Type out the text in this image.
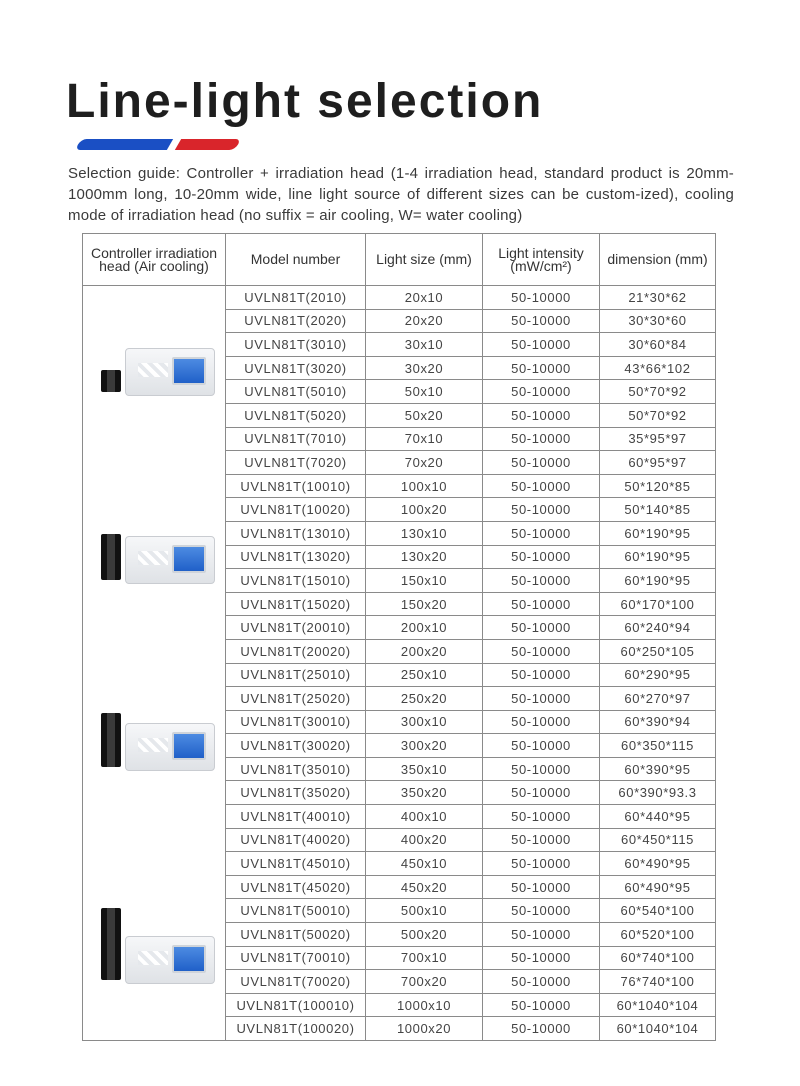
Line-light selection

Selection guide: Controller + irradiation head (1-4 irradiation head, standard product is 20mm-1000mm long, 10-20mm wide, line light source of different sizes can be custom-ized), cooling mode of irradiation head (no suffix = air cooling, W= water cooling)

Controller irradiation head (Air cooling)	Model number	Light size (mm)	Light intensity (mW/cm²)	dimension (mm)

	UVLN81T(2010)	20x10	50-10000	21*30*62
	UVLN81T(2020)	20x20	50-10000	30*30*60
	UVLN81T(3010)	30x10	50-10000	30*60*84
	UVLN81T(3020)	30x20	50-10000	43*66*102
	UVLN81T(5010)	50x10	50-10000	50*70*92
	UVLN81T(5020)	50x20	50-10000	50*70*92
	UVLN81T(7010)	70x10	50-10000	35*95*97
	UVLN81T(7020)	70x20	50-10000	60*95*97
	UVLN81T(10010)	100x10	50-10000	50*120*85
	UVLN81T(10020)	100x20	50-10000	50*140*85
	UVLN81T(13010)	130x10	50-10000	60*190*95
	UVLN81T(13020)	130x20	50-10000	60*190*95
	UVLN81T(15010)	150x10	50-10000	60*190*95
	UVLN81T(15020)	150x20	50-10000	60*170*100
	UVLN81T(20010)	200x10	50-10000	60*240*94
	UVLN81T(20020)	200x20	50-10000	60*250*105
	UVLN81T(25010)	250x10	50-10000	60*290*95
	UVLN81T(25020)	250x20	50-10000	60*270*97
	UVLN81T(30010)	300x10	50-10000	60*390*94
	UVLN81T(30020)	300x20	50-10000	60*350*115
	UVLN81T(35010)	350x10	50-10000	60*390*95
	UVLN81T(35020)	350x20	50-10000	60*390*93.3
	UVLN81T(40010)	400x10	50-10000	60*440*95
	UVLN81T(40020)	400x20	50-10000	60*450*115
	UVLN81T(45010)	450x10	50-10000	60*490*95
	UVLN81T(45020)	450x20	50-10000	60*490*95
	UVLN81T(50010)	500x10	50-10000	60*540*100
	UVLN81T(50020)	500x20	50-10000	60*520*100
	UVLN81T(70010)	700x10	50-10000	60*740*100
	UVLN81T(70020)	700x20	50-10000	76*740*100
	UVLN81T(100010)	1000x10	50-10000	60*1040*104
	UVLN81T(100020)	1000x20	50-10000	60*1040*104
